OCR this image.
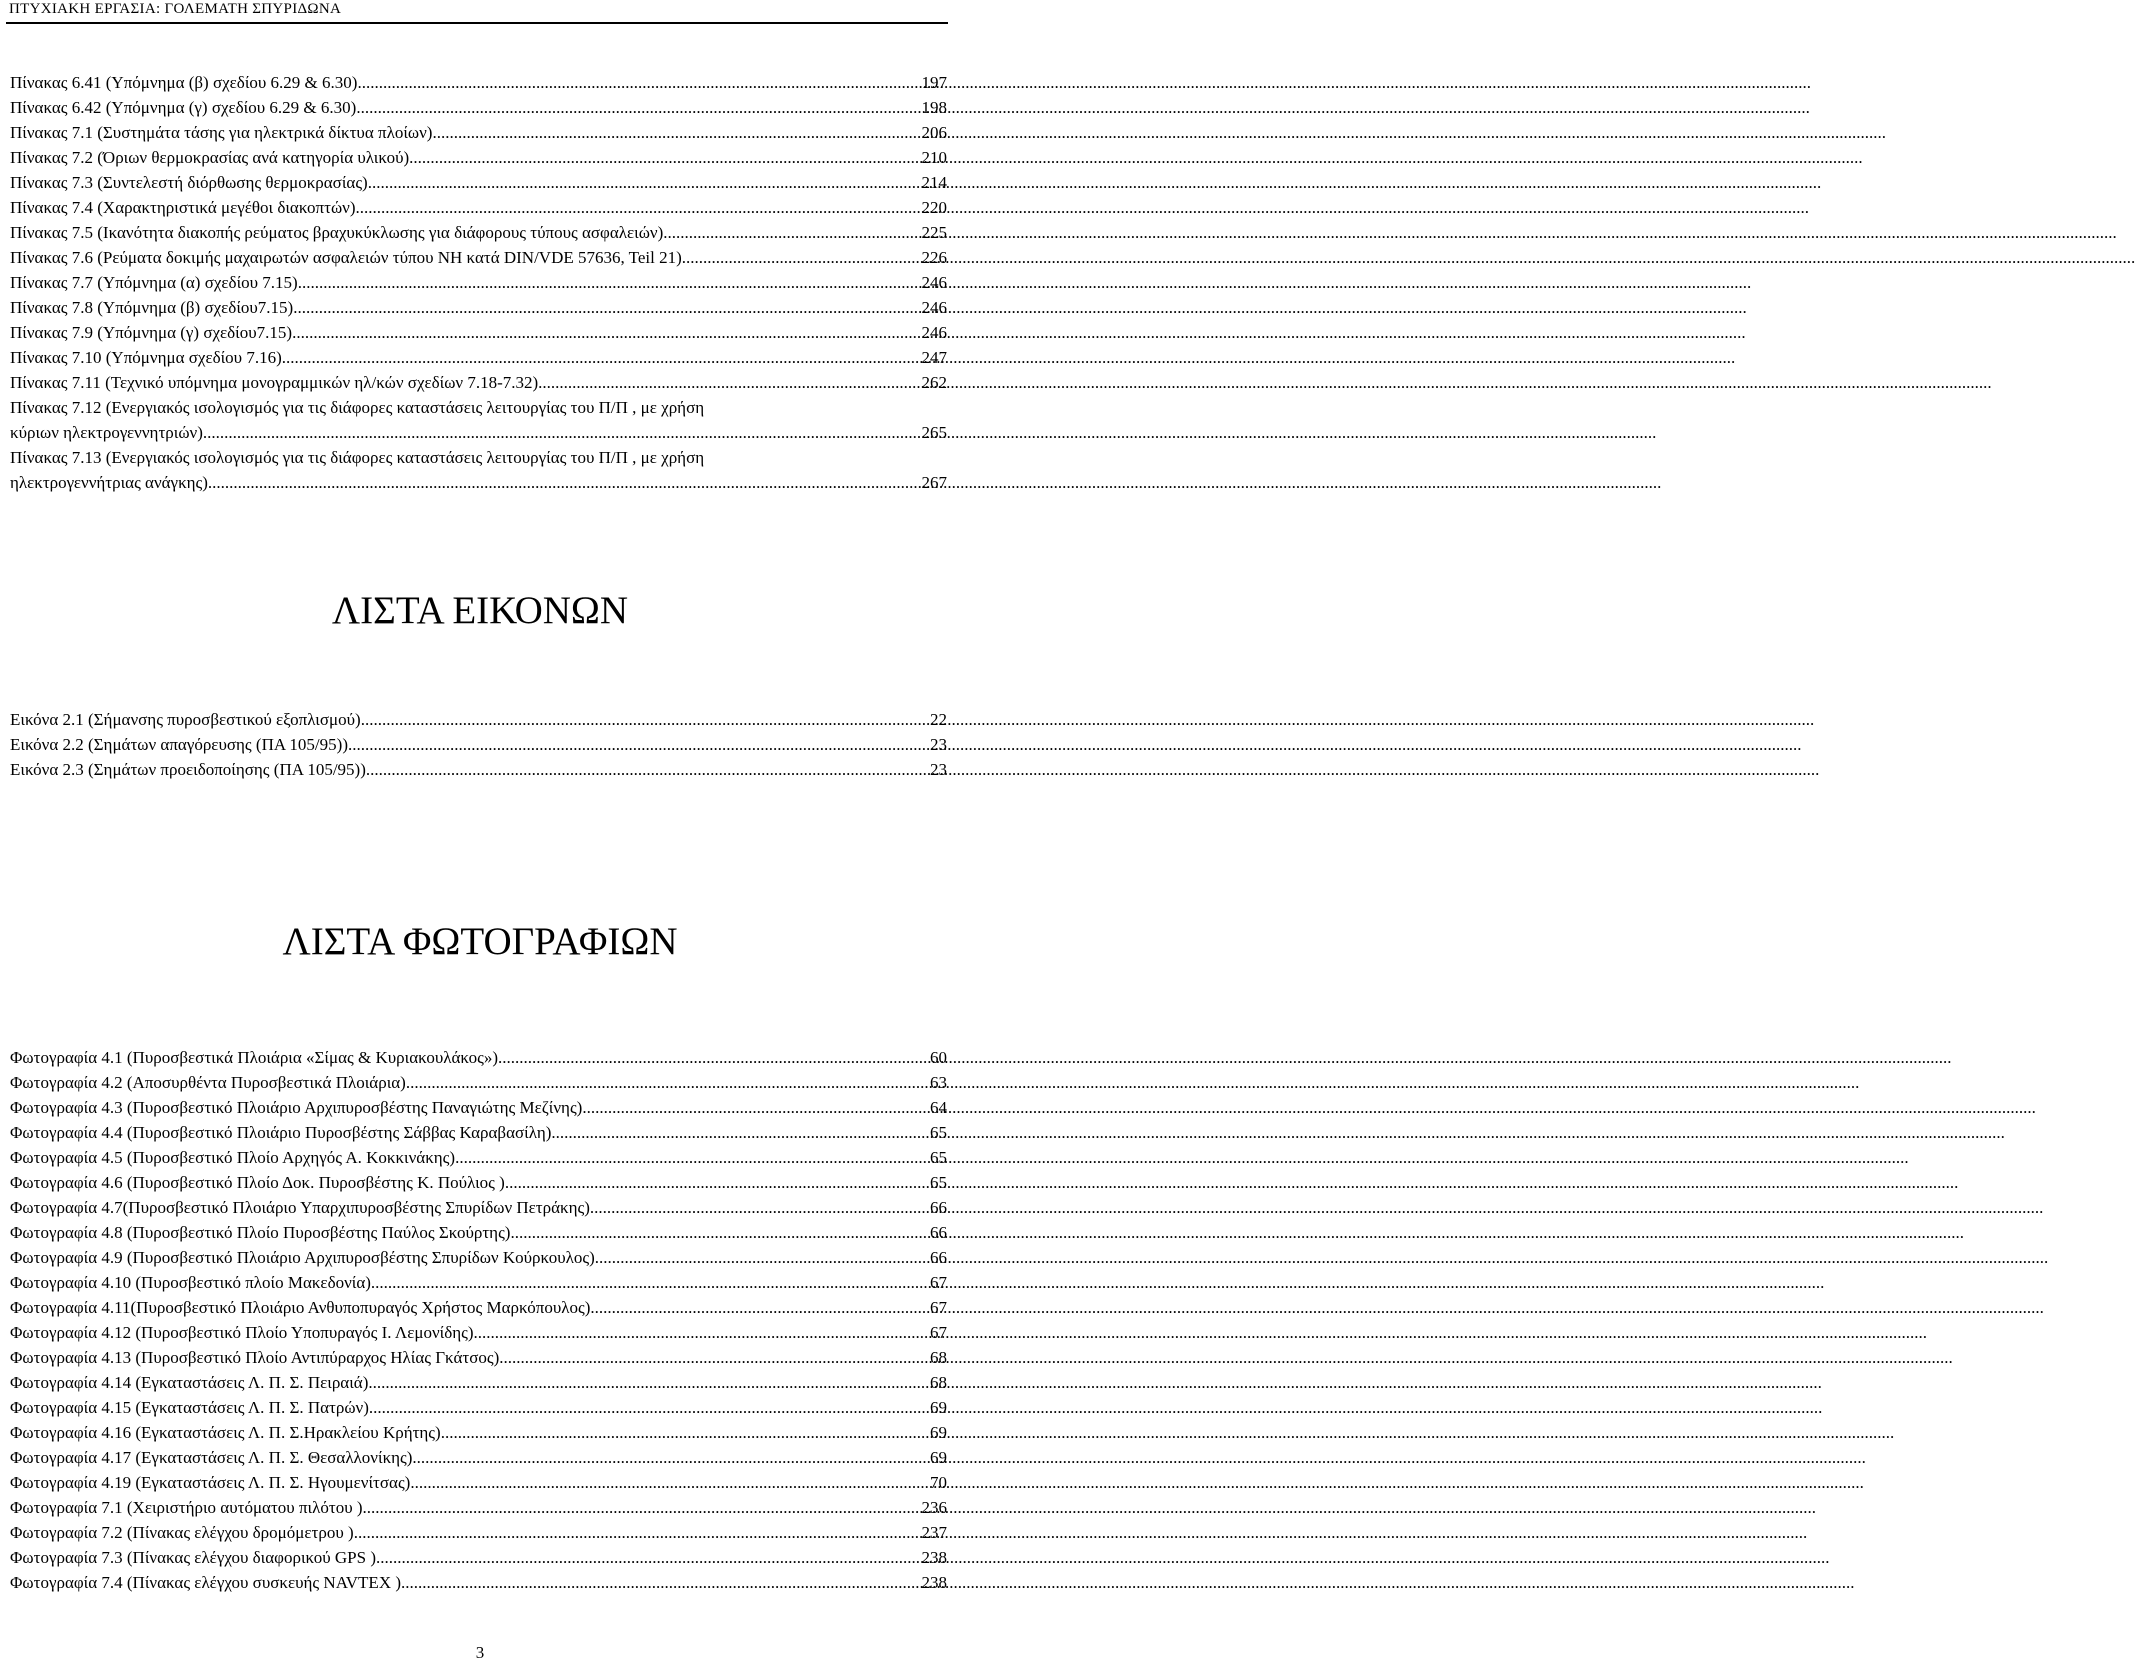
ΠΤΥΧΙΑΚΗ ΕΡΓΑΣΙΑ: ΓΟΛΕΜΑΤΗ ΣΠΥΡΙΔΩΝΑ
Πίνακας 6.41 (Υπόμνημα (β) σχεδίου 6.29 & 6.30) .....	197
Πίνακας 6.42 (Υπόμνημα (γ) σχεδίου 6.29 & 6.30) .....	198
Πίνακας 7.1 (Συστημάτα τάσης για ηλεκτρικά δίκτυα πλοίων) .....	206
Πίνακας 7.2 (Όριων θερμοκρασίας ανά κατηγορία υλικού) .....	210
Πίνακας 7.3 (Συντελεστή διόρθωσης θερμοκρασίας) .....	214
Πίνακας 7.4 (Χαρακτηριστικά μεγέθοι διακοπτών) .....	220
Πίνακας 7.5 (Ικανότητα διακοπής ρεύματος βραχυκύκλωσης για διάφορους τύπους ασφαλειών) .....	225
Πίνακας 7.6 (Ρεύματα δοκιμής μαχαιρωτών ασφαλειών τύπου NH κατά DIN/VDE 57636, Teil 21) .....	226
Πίνακας 7.7 (Υπόμνημα (α) σχεδίου 7.15) .....	246
Πίνακας 7.8 (Υπόμνημα (β) σχεδίου7.15) .....	246
Πίνακας 7.9 (Υπόμνημα (γ) σχεδίου7.15) .....	246
Πίνακας 7.10 (Υπόμνημα σχεδίου 7.16) .....	247
Πίνακας 7.11 (Τεχνικό υπόμνημα μονογραμμικών ηλ/κών σχεδίων 7.18-7.32) .....	262
Πίνακας 7.12 (Ενεργιακός ισολογισμός για τις διάφορες καταστάσεις λειτουργίας του Π/Π , με χρήση
κύριων ηλεκτρογεννητριών) .....	265
Πίνακας 7.13 (Ενεργιακός ισολογισμός για τις διάφορες καταστάσεις λειτουργίας του Π/Π , με χρήση
ηλεκτρογεννήτριας ανάγκης) .....	267
ΛΙΣΤΑ ΕΙΚΟΝΩΝ
Εικόνα 2.1 (Σήμανσης πυροσβεστικού εξοπλισμού) .....	22
Εικόνα 2.2 (Σημάτων απαγόρευσης (ΠΑ 105/95)) .....	23
Εικόνα 2.3 (Σημάτων προειδοποίησης (ΠΑ 105/95)) .....	23
ΛΙΣΤΑ ΦΩΤΟΓΡΑΦΙΩΝ
Φωτογραφία 4.1 (Πυροσβεστικά Πλοιάρια «Σίμας & Κυριακουλάκος») .....	60
Φωτογραφία 4.2 (Αποσυρθέντα Πυροσβεστικά Πλοιάρια) .....	63
Φωτογραφία 4.3 (Πυροσβεστικό Πλοιάριο Αρχιπυροσβέστης Παναγιώτης Μεζίνης) .....	64
Φωτογραφία 4.4 (Πυροσβεστικό Πλοιάριο Πυροσβέστης Σάββας Καραβασίλη) .....	65
Φωτογραφία 4.5 (Πυροσβεστικό Πλοίο Αρχηγός Α. Κοκκινάκης) .....	65
Φωτογραφία 4.6 (Πυροσβεστικό Πλοίο Δοκ. Πυροσβέστης Κ. Πούλιος ) .....	65
Φωτογραφία 4.7(Πυροσβεστικό Πλοιάριο Υπαρχιπυροσβέστης Σπυρίδων Πετράκης) .....	66
Φωτογραφία 4.8 (Πυροσβεστικό Πλοίο Πυροσβέστης Παύλος Σκούρτης) .....	66
Φωτογραφία 4.9 (Πυροσβεστικό Πλοιάριο Αρχιπυροσβέστης Σπυρίδων Κούρκουλος) .....	66
Φωτογραφία 4.10 (Πυροσβεστικό πλοίο Μακεδονία) .....	67
Φωτογραφία 4.11(Πυροσβεστικό Πλοιάριο Ανθυποπυραγός Χρήστος Μαρκόπουλος) .....	67
Φωτογραφία 4.12 (Πυροσβεστικό Πλοίο Υποπυραγός Ι. Λεμονίδης) .....	67
Φωτογραφία 4.13 (Πυροσβεστικό Πλοίο Αντιπύραρχος Ηλίας Γκάτσος) .....	68
Φωτογραφία 4.14 (Εγκαταστάσεις Λ. Π. Σ. Πειραιά) .....	68
Φωτογραφία 4.15 (Εγκαταστάσεις Λ. Π. Σ. Πατρών) .....	69
Φωτογραφία 4.16 (Εγκαταστάσεις Λ. Π. Σ.Ηρακλείου Κρήτης) .....	69
Φωτογραφία 4.17 (Εγκαταστάσεις Λ. Π. Σ. Θεσαλλονίκης) .....	69
Φωτογραφία 4.19 (Εγκαταστάσεις Λ. Π. Σ. Ηγουμενίτσας) .....	70
Φωτογραφία 7.1 (Χειριστήριο αυτόματου πιλότου ) .....	236
Φωτογραφία 7.2 (Πίνακας ελέγχου δρομόμετρου ) .....	237
Φωτογραφία 7.3 (Πίνακας ελέγχου διαφορικού GPS ) .....	238
Φωτογραφία 7.4 (Πίνακας ελέγχου συσκευής NAVTEX ) .....	238
3
